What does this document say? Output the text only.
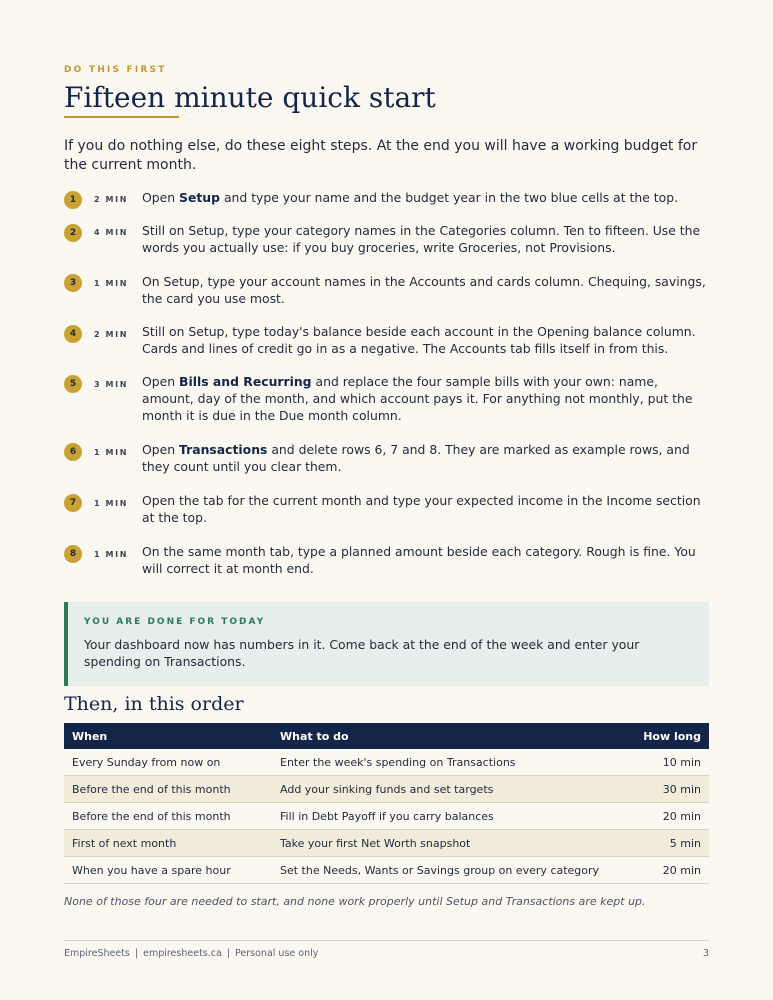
DO THIS FIRST
Fifteen minute quick start

If you do nothing else, do these eight steps. At the end you will have a working budget for the current month.

1	2 MIN Open Setup and type your name and the budget year in the two blue cells at the top.
2	4 MIN Still on Setup, type your category names in the Categories column. Ten to fifteen. Use the words you actually use: if you buy groceries, write Groceries, not Provisions.
3	1 MIN On Setup, type your account names in the Accounts and cards column. Chequing, savings, the card you use most.
4	2 MIN Still on Setup, type today's balance beside each account in the Opening balance column. Cards and lines of credit go in as a negative. The Accounts tab fills itself in from this.
5	3 MIN Open Bills and Recurring and replace the four sample bills with your own: name, amount, day of the month, and which account pays it. For anything not monthly, put the month it is due in the Due month column.
6	1 MIN Open Transactions and delete rows 6, 7 and 8. They are marked as example rows, and they count until you clear them.
7	1 MIN Open the tab for the current month and type your expected income in the Income section at the top.
8	1 MIN On the same month tab, type a planned amount beside each category. Rough is fine. You will correct it at month end.
YOU ARE DONE FOR TODAY
Your dashboard now has numbers in it. Come back at the end of the week and enter your spending on Transactions.
Then, in this order
When	What to do	How long
Every Sunday from now on	Enter the week's spending on Transactions	10 min
Before the end of this month	Add your sinking funds and set targets	30 min
Before the end of this month	Fill in Debt Payoff if you carry balances	20 min
First of next month	Take your first Net Worth snapshot	5 min
When you have a spare hour	Set the Needs, Wants or Savings group on every category	20 min
None of those four are needed to start, and none work properly until Setup and Transactions are kept up.
EmpireSheets | empiresheets.ca | Personal use only	3
